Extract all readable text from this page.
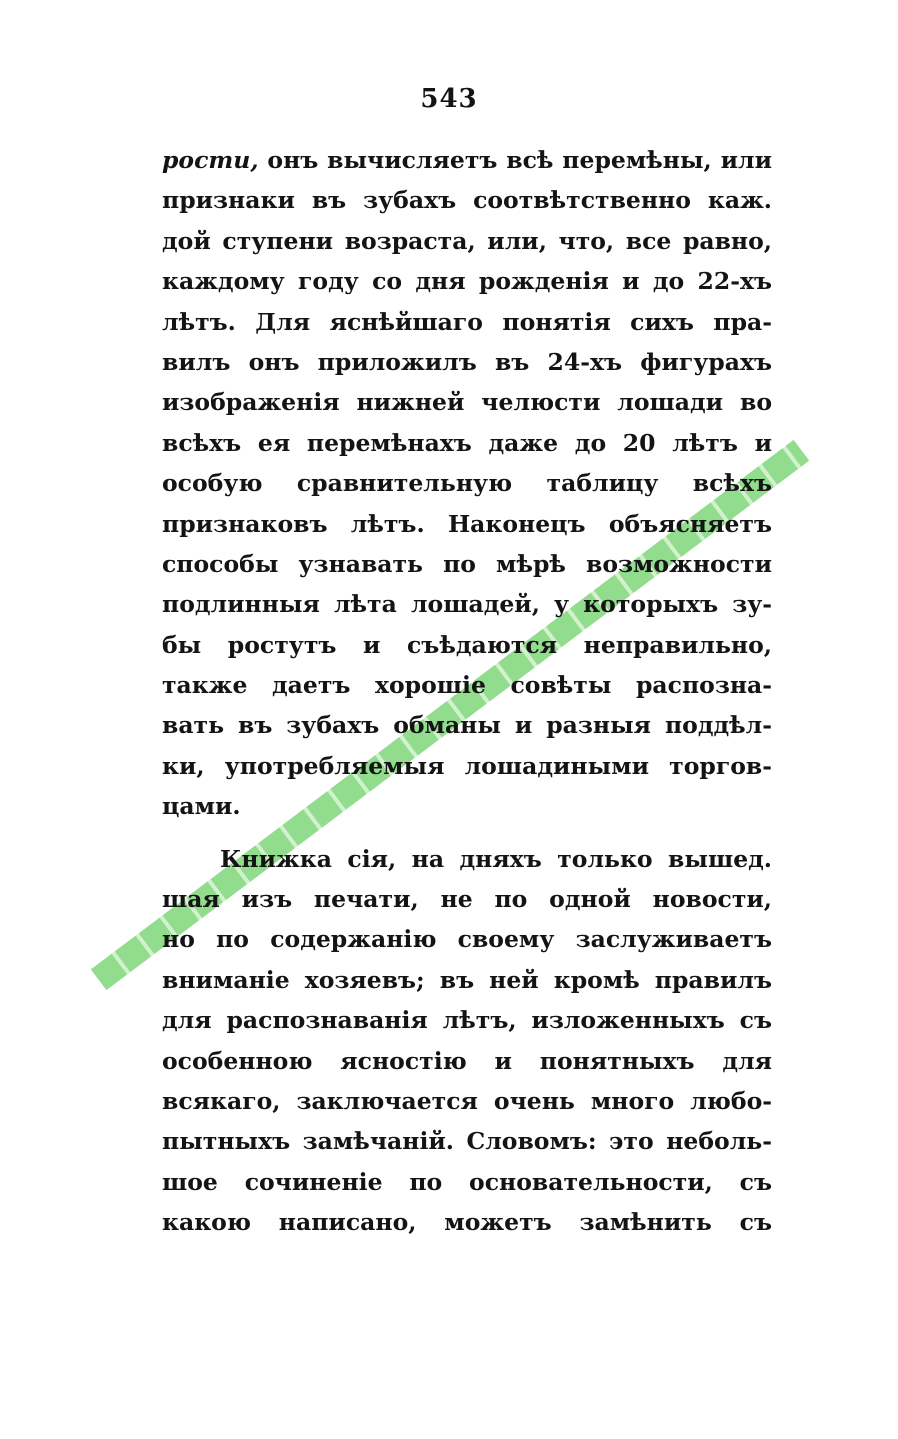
543
рости, онъ вычисляетъ всѣ перемѣны, или
признаки въ зубахъ соотвѣтственно каж.
дой ступени возраста, или, что, все равно,
каждому году со дня рожденія и до 22-хъ
лѣтъ. Для яснѣйшаго понятія сихъ пра-
вилъ онъ приложилъ въ 24-хъ фигурахъ
изображенія нижней челюсти лошади во
всѣхъ ея перемѣнахъ даже до 20 лѣтъ и
особую сравнительную таблицу всѣхъ
признаковъ лѣтъ. Наконецъ объясняетъ
способы узнавать по мѣрѣ возможности
подлинныя лѣта лошадей, у которыхъ зу-
бы ростутъ и съѣдаются неправильно,
также даетъ хорошіе совѣты распозна-
вать въ зубахъ обманы и разныя поддѣл-
ки, употребляемыя лошадиными торгов-
цами.
Книжка сія, на дняхъ только вышед.
шая изъ печати, не по одной новости,
но по содержанію своему заслуживаетъ
вниманіе хозяевъ; въ ней кромѣ правилъ
для распознаванія лѣтъ, изложенныхъ съ
особенною ясностію и понятныхъ для
всякаго, заключается очень много любо-
пытныхъ замѣчаній. Словомъ: это неболь-
шое сочиненіе по основательности, съ
какою написано, можетъ замѣнить съ
